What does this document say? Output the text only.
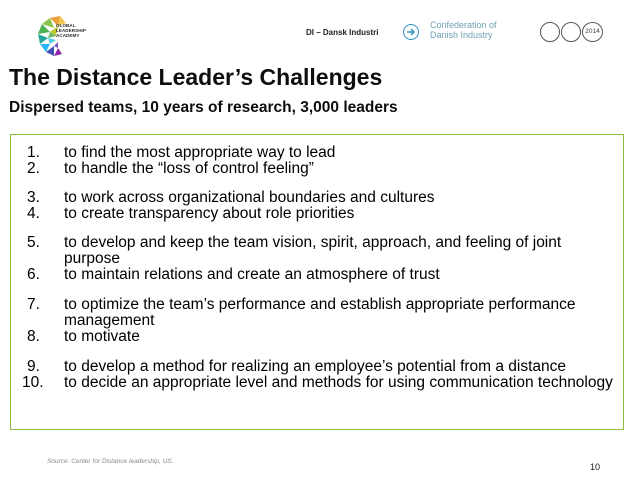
GLOBAL
LEADERSHIP
ACADEMY	DI – Dansk Industri
Confederation of
Danish Industry	2014
The Distance Leader’s Challenges
Dispersed teams, 10 years of research, 3,000 leaders
1. to find the most appropriate way to lead
2. to handle the “loss of control feeling”
3. to work across organizational boundaries and cultures
4. to create transparency about role priorities
5. to develop and keep the team vision, spirit, approach, and feeling of joint purpose
6. to maintain relations and create an atmosphere of trust
7. to optimize the team’s performance and establish appropriate performance management
8. to motivate
9. to develop a method for realizing an employee’s potential from a distance
10. to decide an appropriate level and methods for using communication technology
Source: Center for Distance leadership, US.
10
